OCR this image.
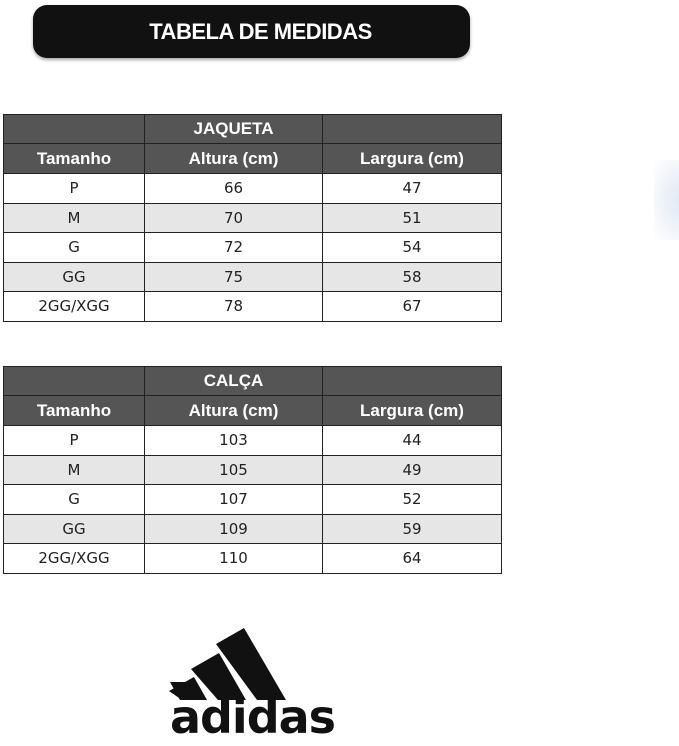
TABELA DE MEDIDAS
	JAQUETA	
Tamanho	Altura (cm)	Largura (cm)
P	66	47
M	70	51
G	72	54
GG	75	58
2GG/XGG	78	67
	CALÇA	
Tamanho	Altura (cm)	Largura (cm)
P	103	44
M	105	49
G	107	52
GG	109	59
2GG/XGG	110	64
adidas
